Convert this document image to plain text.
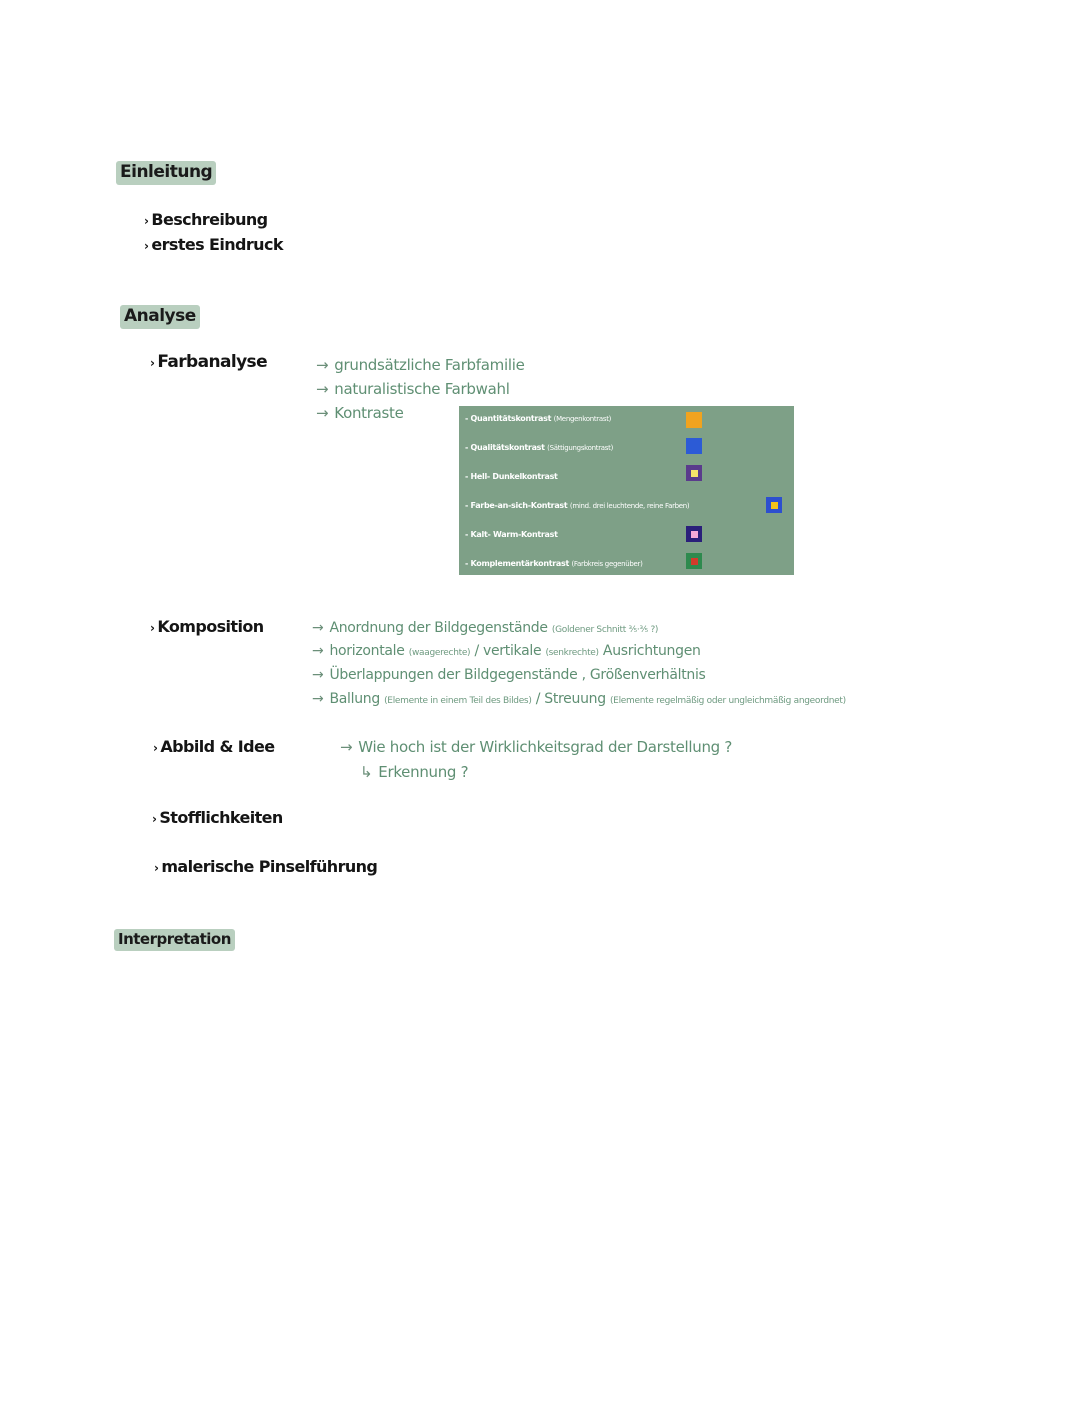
Einleitung
› Beschreibung
› erstes Eindruck
Analyse
› Farbanalyse	→ grundsätzliche Farbfamilie
→ naturalistische Farbwahl
→ Kontraste	- Quantitätskontrast (Mengenkontrast)
- Qualitätskontrast (Sättigungskontrast)
- Hell- Dunkelkontrast
- Farbe-an-sich-Kontrast (mind. drei leuchtende, reine Farben)
- Kalt- Warm-Kontrast
- Komplementärkontrast (Farbkreis gegenüber)
› Komposition	→ Anordnung der Bildgegenstände (Goldener Schnitt ⅗·⅗ ?)
→ horizontale (waagerechte) / vertikale (senkrechte) Ausrichtungen
→ Überlappungen der Bildgegenstände , Größenverhältnis
→ Ballung (Elemente in einem Teil des Bildes) / Streuung (Elemente regelmäßig oder ungleichmäßig angeordnet)
› Abbild & Idee	→ Wie hoch ist der Wirklichkeitsgrad der Darstellung ?
↳ Erkennung ?
› Stofflichkeiten
› malerische Pinselführung
Interpretation
